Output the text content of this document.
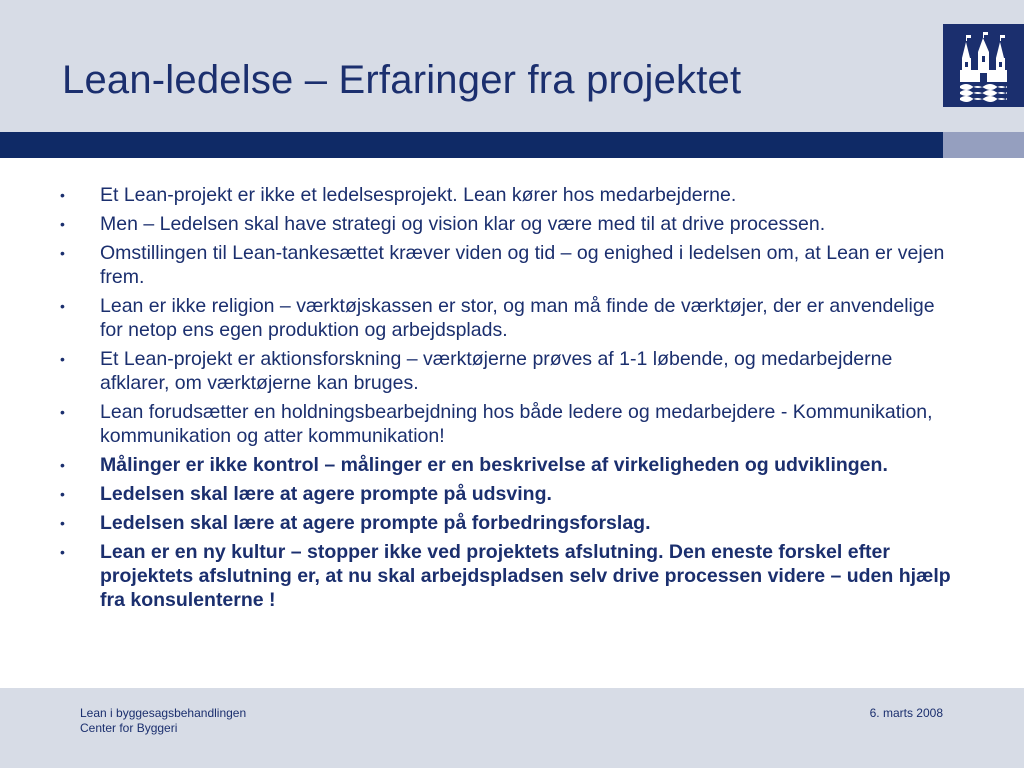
Lean-ledelse – Erfaringer fra projektet
•	Et Lean-projekt er ikke et ledelsesprojekt. Lean kører hos medarbejderne.
•	Men – Ledelsen skal have strategi og vision klar og være med til at drive processen.
•	Omstillingen til Lean-tankesættet kræver viden og tid – og enighed i ledelsen om, at Lean er vejen frem.
•	Lean er ikke religion – værktøjskassen er stor, og man må finde de værktøjer, der er anvendelige for netop ens egen produktion og arbejdsplads.
•	Et Lean-projekt er aktionsforskning – værktøjerne prøves af 1-1 løbende, og medarbejderne afklarer, om værktøjerne kan bruges.
•	Lean forudsætter en holdningsbearbejdning hos både ledere og medarbejdere - Kommunikation, kommunikation og atter kommunikation!
•	Målinger er ikke kontrol – målinger er en beskrivelse af virkeligheden og udviklingen.
•	Ledelsen skal lære at agere prompte på udsving.
•	Ledelsen skal lære at agere prompte på forbedringsforslag.
•	Lean er en ny kultur – stopper ikke ved projektets afslutning. Den eneste forskel efter projektets afslutning er, at nu skal arbejdspladsen selv drive processen videre – uden hjælp fra konsulenterne !
Lean i byggesagsbehandlingen
Center for Byggeri
6. marts 2008
